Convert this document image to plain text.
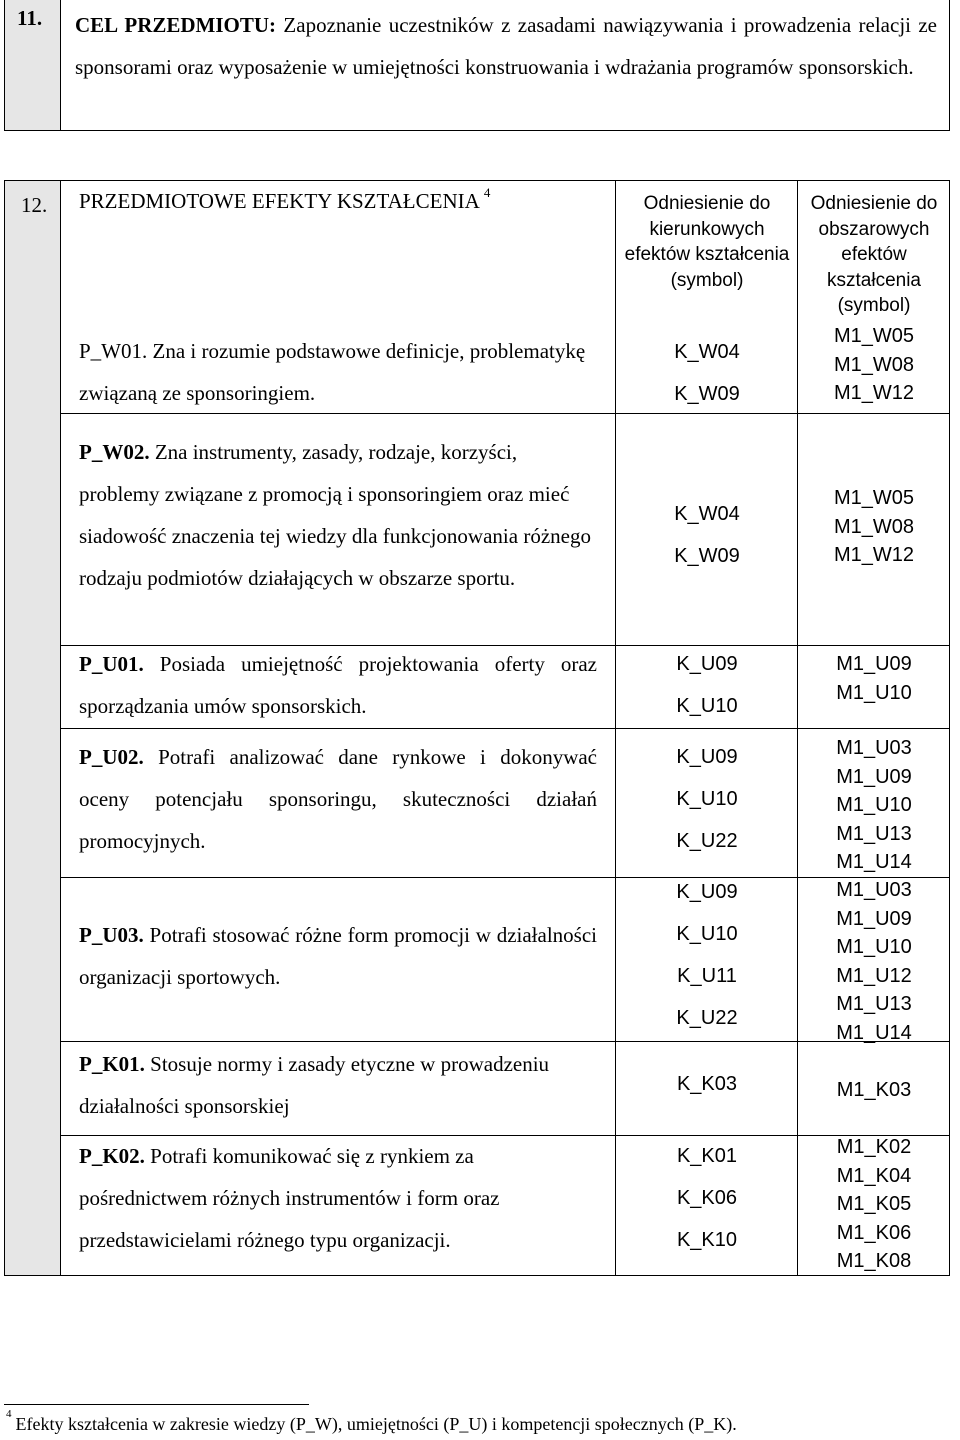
11. CEL PRZEDMIOTU: Zapoznanie uczestników z zasadami nawiązywania i prowadzenia relacji ze sponsorami oraz wyposażenie w umiejętności konstruowania i wdrażania programów sponsorskich.
12. PRZEDMIOTOWE EFEKTY KSZTAŁCENIA $^4$
Odniesienie do kierunkowych efektów kształcenia (symbol)
Odniesienie do obszarowych efektów kształcenia (symbol)
P_W01. Zna i rozumie podstawowe definicje, problematykę związaną ze sponsoringiem.
K_W04
K_W09
M1_W05
M1_W08
M1_W12
P_W02. Zna instrumenty, zasady, rodzaje, korzyści, problemy związane z promocją i sponsoringiem oraz mieć siadowość znaczenia tej wiedzy dla funkcjonowania różnego rodzaju podmiotów działających w obszarze sportu.
K_W04
K_W09
M1_W05
M1_W08
M1_W12
P_U01. Posiada umiejętność projektowania oferty oraz sporządzania umów sponsorskich.
K_U09
K_U10
M1_U09
M1_U10
P_U02. Potrafi analizować dane rynkowe i dokonywać oceny potencjału sponsoringu, skuteczności działań promocyjnych.
K_U09
K_U10
K_U22
M1_U03
M1_U09
M1_U10
M1_U13
M1_U14
P_U03. Potrafi stosować różne form promocji w działalności organizacji sportowych.
K_U09
K_U10
K_U11
K_U22
M1_U03
M1_U09
M1_U10
M1_U12
M1_U13
M1_U14
P_K01. Stosuje normy i zasady etyczne w prowadzeniu działalności sponsorskiej
K_K03	M1_K03
P_K02. Potrafi komunikować się z rynkiem za pośrednictwem różnych instrumentów i form oraz przedstawicielami różnego typu organizacji.
K_K01
K_K06
K_K10
M1_K02
M1_K04
M1_K05
M1_K06
M1_K08
$^4$ Efekty kształcenia w zakresie wiedzy (P_W), umiejętności (P_U) i kompetencji społecznych (P_K).
